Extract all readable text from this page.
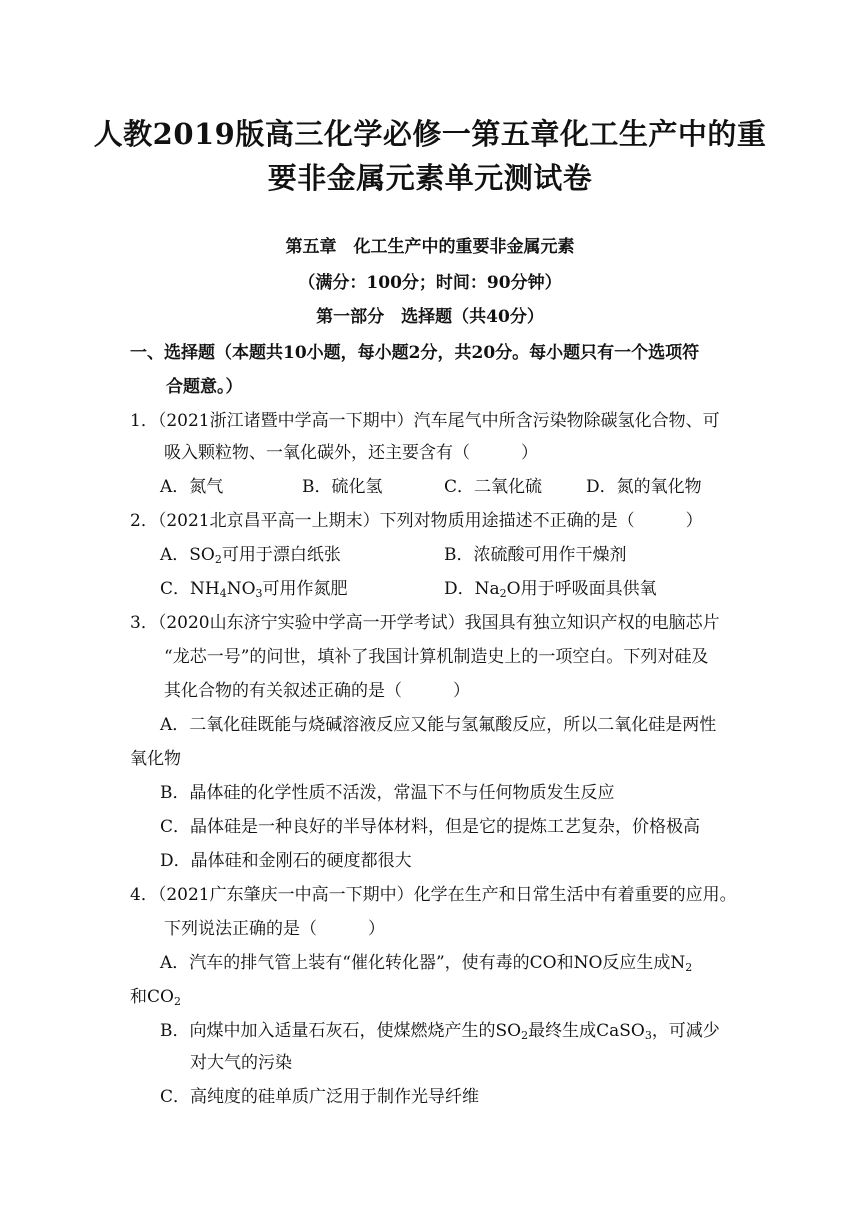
人教2019版高三化学必修一第五章化工生产中的重
要非金属元素单元测试卷
第五章　化工生产中的重要非金属元素
（满分：100分；时间：90分钟）
第一部分　选择题（共40分）
一、选择题（本题共10小题，每小题2分，共20分。每小题只有一个选项符
合题意。）
1．（2021浙江诸暨中学高一下期中）汽车尾气中所含污染物除碳氢化合物、可
吸入颗粒物、一氧化碳外，还主要含有（　　　）
A．氮气	B．硫化氢	C．二氧化硫	D．氮的氧化物
2．（2021北京昌平高一上期末）下列对物质用途描述不正确的是（　　　）
A．$SO_2$可用于漂白纸张	B．浓硫酸可用作干燥剂
C．$NH_4NO_3$可用作氮肥	D．$Na_2O$用于呼吸面具供氧
3．（2020山东济宁实验中学高一开学考试）我国具有独立知识产权的电脑芯片
“龙芯一号”的问世，填补了我国计算机制造史上的一项空白。下列对硅及
其化合物的有关叙述正确的是（　　　）
A．二氧化硅既能与烧碱溶液反应又能与氢氟酸反应，所以二氧化硅是两性
氧化物
B．晶体硅的化学性质不活泼，常温下不与任何物质发生反应
C．晶体硅是一种良好的半导体材料，但是它的提炼工艺复杂，价格极高
D．晶体硅和金刚石的硬度都很大
4．（2021广东肇庆一中高一下期中）化学在生产和日常生活中有着重要的应用。
下列说法正确的是（　　　）
A．汽车的排气管上装有“催化转化器”，使有毒的CO和NO反应生成$N_2$
和$CO_2$
B．向煤中加入适量石灰石，使煤燃烧产生的$SO_2$最终生成CaSO$_3$，可减少
对大气的污染
C．高纯度的硅单质广泛用于制作光导纤维
